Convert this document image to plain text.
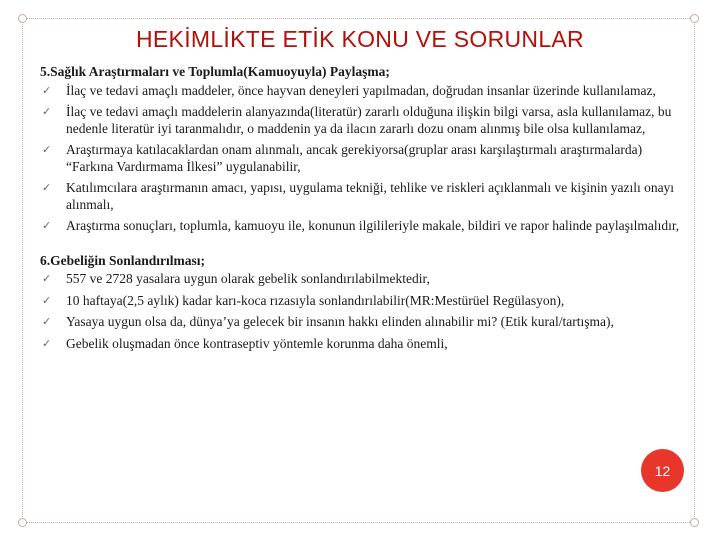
HEKİMLİKTE ETİK KONU VE SORUNLAR
5.Sağlık Araştırmaları ve Toplumla(Kamuoyuyla) Paylaşma;
✓ İlaç ve tedavi amaçlı maddeler, önce hayvan deneyleri yapılmadan, doğrudan insanlar üzerinde kullanılamaz,
✓ İlaç ve tedavi amaçlı maddelerin alanyazında(literatür) zararlı olduğuna ilişkin bilgi varsa, asla kullanılamaz, bu nedenle literatür iyi taranmalıdır, o maddenin ya da ilacın zararlı dozu onam alınmış bile olsa kullanılamaz,
✓ Araştırmaya katılacaklardan onam alınmalı, ancak gerekiyorsa(gruplar arası karşılaştırmalı araştırmalarda) “Farkına Vardırmama İlkesi” uygulanabilir,
✓ Katılımcılara araştırmanın amacı, yapısı, uygulama tekniği, tehlike ve riskleri açıklanmalı ve kişinin yazılı onayı alınmalı,
✓ Araştırma sonuçları, toplumla, kamuoyu ile, konunun ilgilileriyle makale, bildiri ve rapor halinde paylaşılmalıdır,
6.Gebeliğin Sonlandırılması;
✓ 557 ve 2728 yasalara uygun olarak gebelik sonlandırılabilmektedir,
✓ 10 haftaya(2,5 aylık) kadar karı-koca rızasıyla sonlandırılabilir(MR:Mestürüel Regülasyon),
✓ Yasaya uygun olsa da, dünya’ya gelecek bir insanın hakkı elinden alınabilir mi? (Etik kural/tartışma),
✓ Gebelik oluşmadan önce kontraseptiv yöntemle korunma daha önemli,
12
